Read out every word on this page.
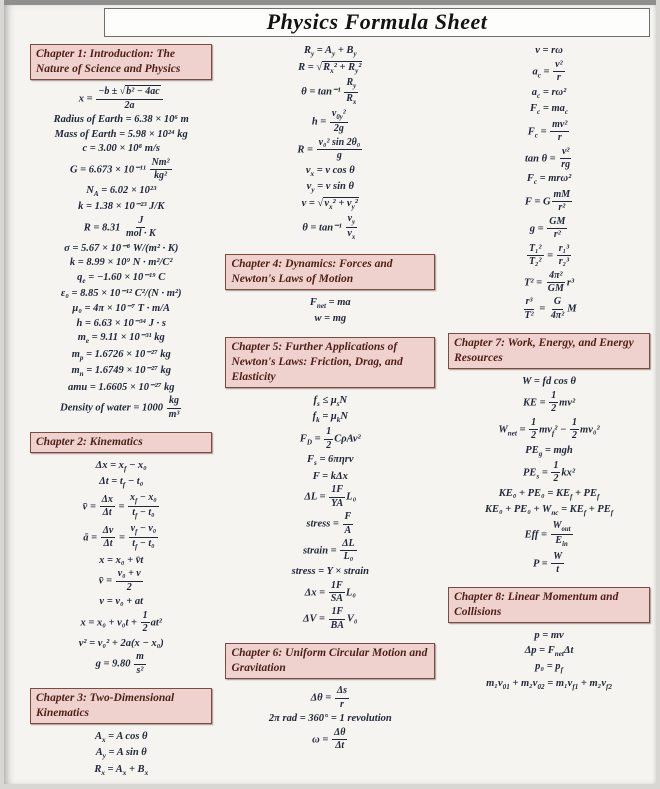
Physics Formula Sheet
Chapter 1: Introduction: The Nature of Science and Physics
$x = \frac{\text{−b ± √b² − 4ac}}{2a}$
Radius of Earth = 6.38 × 10⁶ m
Mass of Earth = 5.98 × 10²⁴ kg
c = 3.00 × 10⁸ m/s
$G = 6.673 \times 10^{-11} \frac{\text{Nm²}}{\text{kg²}}$
$N_A = 6.02 \times 10^{23}$
k = 1.38 × 10⁻²³ J/K
R = 8.31
J
mol · K
σ = 5.67 × 10⁻⁸ W/(m² · K)
k = 8.99 × 10⁹ N · m²/C²
$q_e = -1.60 \times 10^{-19}$ C
ε₀ = 8.85 × 10⁻¹² C²/(N · m²)
μ₀ = 4π × 10⁻⁷ T · m/A
h = 6.63 × 10⁻³⁴ J · s
$m_e = 9.11 \times 10^{-31}$ kg
$m_p = 1.6726 \times 10^{-27}$ kg
$m_n = 1.6749 \times 10^{-27}$ kg
amu = 1.6605 × 10⁻²⁷ kg
Density of water = $1000 \frac{kg}{\text{m³}}$
Chapter 2: Kinematics
$\Delta x = x_f - x_0$
$\Delta t = t_f - t_0$
v̄ = $\frac{\Delta x}{\Delta t} = \frac{x_f - x_0}{t_f - t_0}$
ā = $\frac{\Delta v}{\Delta t} = \frac{v_f - v_0}{t_f - t_0}$
x = x₀ + v̄t
v̄ = $\frac{\text{v₀ + v}}{2}$
v = v₀ + at
$x = x_0 + v_0t + \frac{1}{2} at^2$
v² = v₀² + 2a(x − x₀)
$g = 9.80 \frac{m}{\text{s²}}$
Chapter 3: Two-Dimensional Kinematics
$A_x = A$ cos θ
$A_y = A$ sin θ
$R_x = A_x + B_x$
$R_y = A_y + B_y$
$R = √R_x^2 + R_y^2$
$\theta = \tan^{-1} \frac{R_y}{R_x}$
$h = \frac{v_{0y}^2}{2g}$
$R = \frac{\text{v₀² sin 2θ₀}}{g}$
$v_x = v$ cos θ
$v_y = v$ sin θ
$v = √v_x^2 + v_y^2$
$\theta = \tan^{-1} \frac{v_y}{v_x}$
Chapter 4: Dynamics: Forces and Newton's Laws of Motion
$F_{net}$ = ma
w = mg
Chapter 5: Further Applications of Newton's Laws: Friction, Drag, and Elasticity
$f_s \le \mu_sN$
$f_k = \mu_kN$
$F_D = \frac{1}{2} C\rho Av^2$
$F_s = 6\pi\eta rv$
F = kΔx
$\Delta L = \frac{1F}{YA} L_0$
stress = $\frac{F}{A}$
strain = $\frac{\Delta L}{\text{L₀}}$
stress = Y × strain
$\Delta x = \frac{1F}{SA} L_0$
$\Delta V = \frac{1F}{BA} V_0$
Chapter 6: Uniform Circular Motion and Gravitation
$\Delta\theta = \frac{\Delta s}{r}$
2π rad = 360° = 1 revolution
$\omega = \frac{\Delta\theta}{\Delta t}$
v = rω
$a_c = \frac{\text{v²}}{r}$
$a_c = r\omega^2$
$F_c = ma_c$
$F_c = \frac{\text{mv²}}{r}$
$\tan \theta = \frac{\text{v²}}{rg}$
$F_c = mr\omega^2$
F = G $\frac{mM}{\text{r²}}$
$g = \frac{GM}{\text{r²}}$
$\frac{\text{T₁²}}{\text{T₂²}} = \frac{\text{r₁³}}{\text{r₂³}}$
$T^2 = \frac{\text{4π²}}{GM} r^3$
$\frac{\text{r³}}{\text{T²}} = \frac{G}{\text{4π²}}$ M
Chapter 7: Work, Energy, and Energy Resources
W = fd cos θ
KE = $\frac{1}{2} mv^2$
$W_{net} = \frac{1}{2} mv_f^2 - \frac{1}{2} mv_0^2$
$PE_g$ = mgh
$PE_s = \frac{1}{2} kx^2$
$KE_0 + PE_0 = KE_f + PE_f$
$KE_0 + PE_0 + W_{nc} = KE_f + PE_f$
Eff =
$W_{out}$
$E_{in}$
$P = \frac{W}{t}$
Chapter 8: Linear Momentum and Collisions
p = mv
$\Delta p = F_{net}\Delta t$
$p_0 = p_f$
$m_1v_{01} + m_2v_{02} = m_1v_{f1} + m_2v_{f2}$
